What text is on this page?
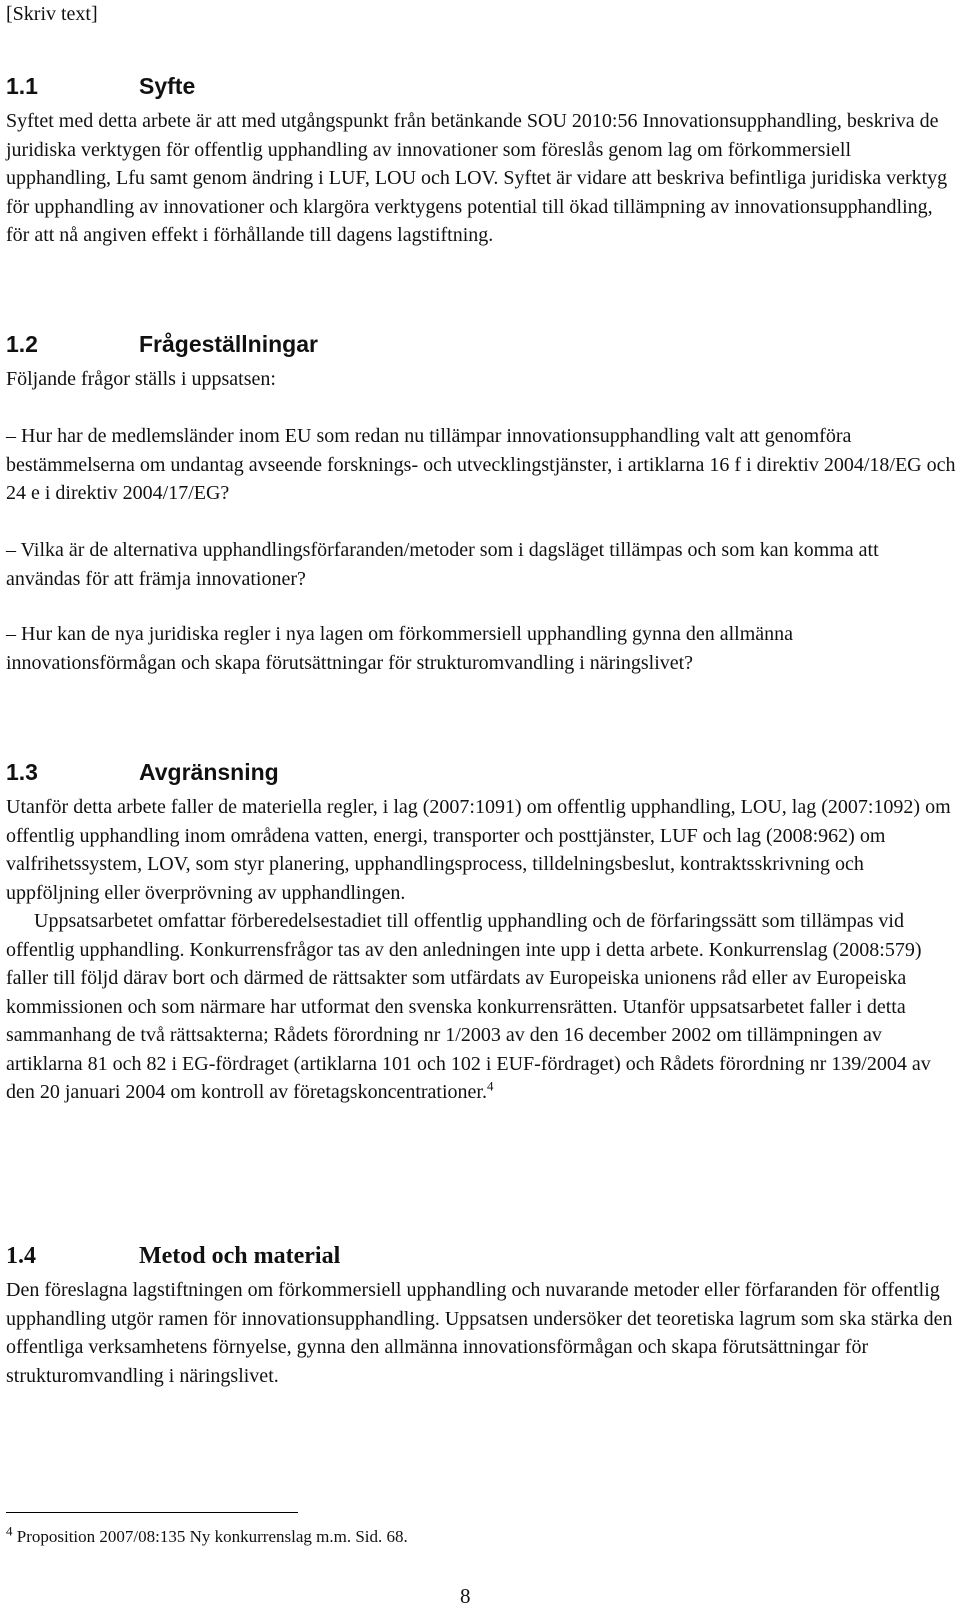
[Skriv text]
1.1	Syfte

Syftet med detta arbete är att med utgångspunkt från betänkande SOU 2010:56 Innovationsupphandling, beskriva de juridiska verktygen för offentlig upphandling av innovationer som föreslås genom lag om förkommersiell upphandling, Lfu samt genom ändring i LUF, LOU och LOV. Syftet är vidare att beskriva befintliga juridiska verktyg för upphandling av innovationer och klargöra verktygens potential till ökad tillämpning av innovationsupphandling, för att nå angiven effekt i förhållande till dagens lagstiftning.

1.2	Frågeställningar

Följande frågor ställs i uppsatsen:

– Hur har de medlemsländer inom EU som redan nu tillämpar innovationsupphandling valt att genomföra bestämmelserna om undantag avseende forsknings- och utvecklingstjänster, i artiklarna 16 f i direktiv 2004/18/EG och 24 e i direktiv 2004/17/EG?

– Vilka är de alternativa upphandlingsförfaranden/metoder som i dagsläget tillämpas och som kan komma att användas för att främja innovationer?

– Hur kan de nya juridiska regler i nya lagen om förkommersiell upphandling gynna den allmänna innovationsförmågan och skapa förutsättningar för strukturomvandling i näringslivet?

1.3	Avgränsning

Utanför detta arbete faller de materiella regler, i lag (2007:1091) om offentlig upphandling, LOU, lag (2007:1092) om offentlig upphandling inom områdena vatten, energi, transporter och posttjänster, LUF och lag (2008:962) om valfrihetssystem, LOV, som styr planering, upphandlingsprocess, tilldelningsbeslut, kontraktsskrivning och uppföljning eller överprövning av upphandlingen.

Uppsatsarbetet omfattar förberedelsestadiet till offentlig upphandling och de förfaringssätt som tillämpas vid offentlig upphandling. Konkurrensfrågor tas av den anledningen inte upp i detta arbete. Konkurrenslag (2008:579) faller till följd därav bort och därmed de rättsakter som utfärdats av Europeiska unionens råd eller av Europeiska kommissionen och som närmare har utformat den svenska konkurrensrätten. Utanför uppsatsarbetet faller i detta sammanhang de två rättsakterna; Rådets förordning nr 1/2003 av den 16 december 2002 om tillämpningen av artiklarna 81 och 82 i EG-fördraget (artiklarna 101 och 102 i EUF-fördraget) och Rådets förordning nr 139/2004 av den 20 januari 2004 om kontroll av företagskoncentrationer.$^4$

1.4	Metod och material

Den föreslagna lagstiftningen om förkommersiell upphandling och nuvarande metoder eller förfaranden för offentlig upphandling utgör ramen för innovationsupphandling. Uppsatsen undersöker det teoretiska lagrum som ska stärka den offentliga verksamhetens förnyelse, gynna den allmänna innovationsförmågan och skapa förutsättningar för strukturomvandling i näringslivet.

$^4$ Proposition 2007/08:135 Ny konkurrenslag m.m. Sid. 68.
8
